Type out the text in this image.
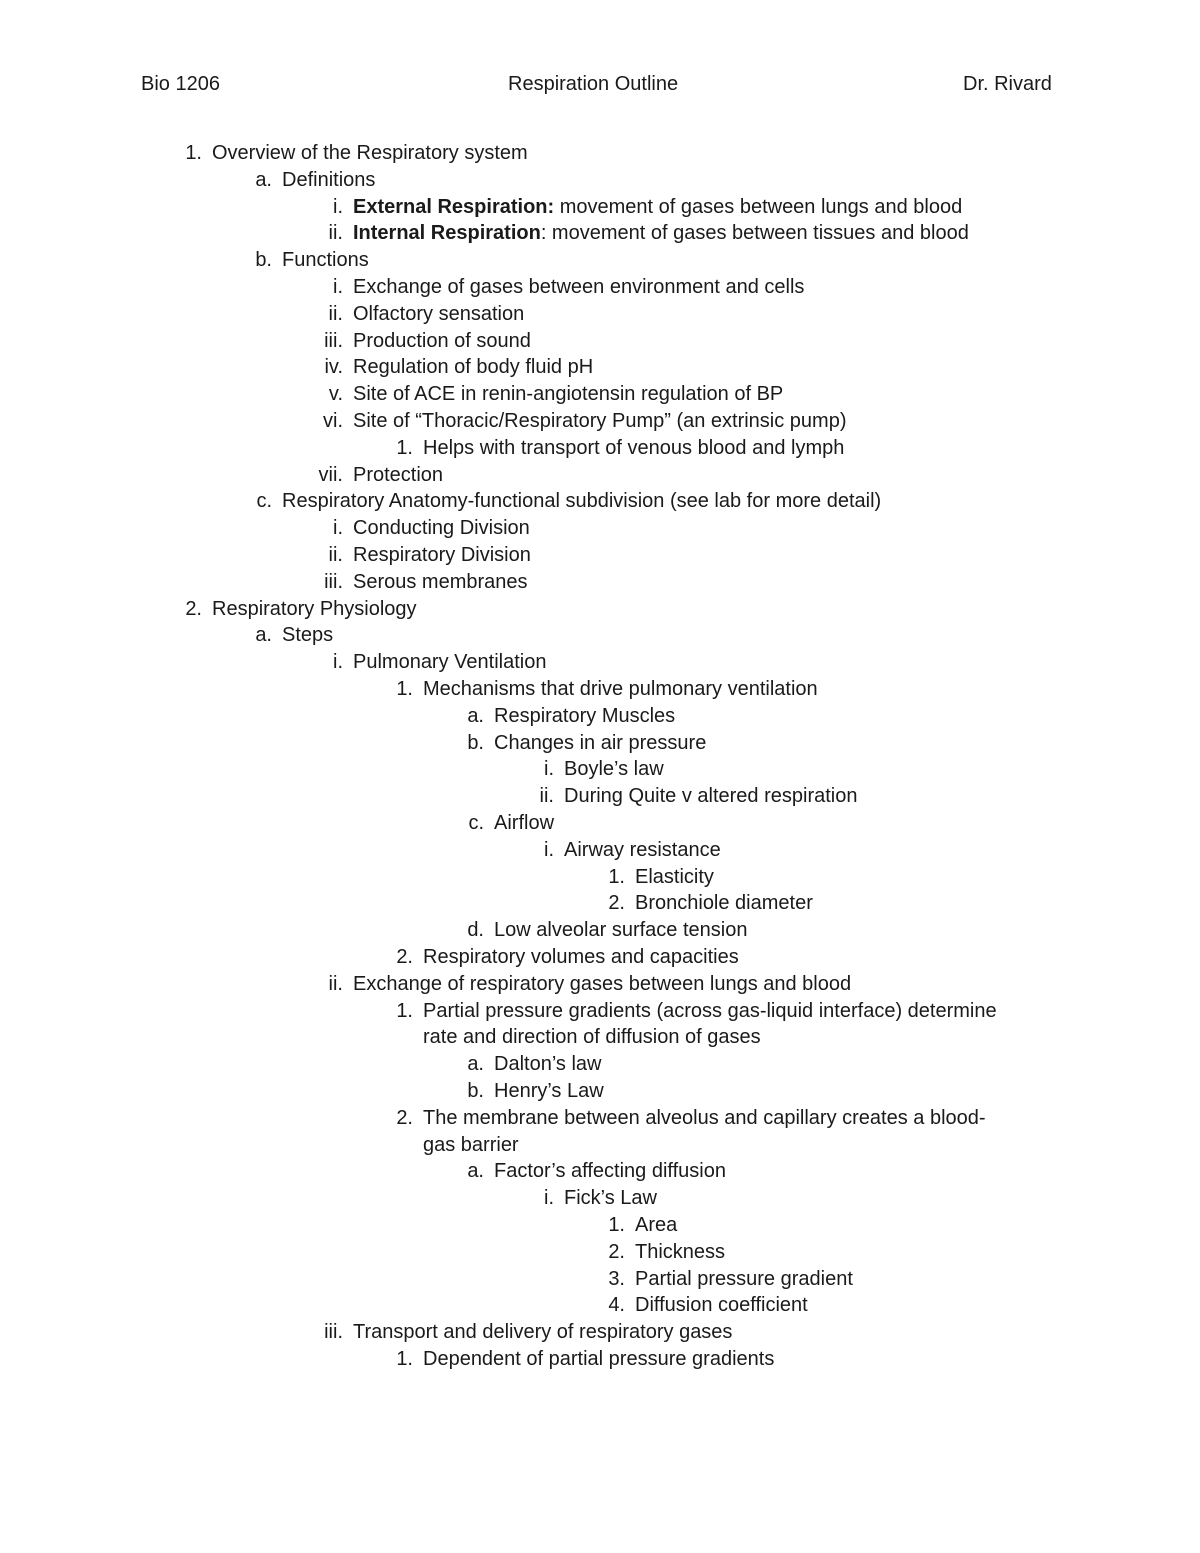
Bio 1206	Respiration Outline	Dr. Rivard
1. Overview of the Respiratory system
a. Definitions
i. External Respiration: movement of gases between lungs and blood
ii. Internal Respiration: movement of gases between tissues and blood
b. Functions
i. Exchange of gases between environment and cells
ii. Olfactory sensation
iii. Production of sound
iv. Regulation of body fluid pH
v. Site of ACE in renin-angiotensin regulation of BP
vi. Site of “Thoracic/Respiratory Pump” (an extrinsic pump)
1. Helps with transport of venous blood and lymph
vii. Protection
c. Respiratory Anatomy-functional subdivision (see lab for more detail)
i. Conducting Division
ii. Respiratory Division
iii. Serous membranes
2. Respiratory Physiology
a. Steps
i. Pulmonary Ventilation
1. Mechanisms that drive pulmonary ventilation
a. Respiratory Muscles
b. Changes in air pressure
i. Boyle’s law
ii. During Quite v altered respiration
c. Airflow
i. Airway resistance
1. Elasticity
2. Bronchiole diameter
d. Low alveolar surface tension
2. Respiratory volumes and capacities
ii. Exchange of respiratory gases between lungs and blood
1. Partial pressure gradients (across gas-liquid interface) determine
rate and direction of diffusion of gases
a. Dalton’s law
b. Henry’s Law
2. The membrane between alveolus and capillary creates a blood-
gas barrier
a. Factor’s affecting diffusion
i. Fick’s Law
1. Area
2. Thickness
3. Partial pressure gradient
4. Diffusion coefficient
iii. Transport and delivery of respiratory gases
1. Dependent of partial pressure gradients
